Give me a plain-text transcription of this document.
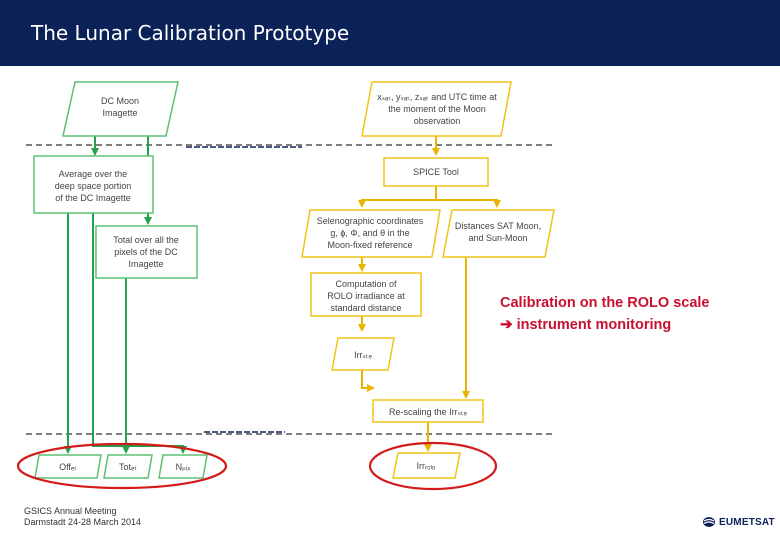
The Lunar Calibration Prototype
DC Moon Imagette
Average over the deep space portion of the DC Imagette
Total over all the pixels of the DC Imagette
Offₑₜ	Totₑₜ	Nₚᵢₓ
xₛₐₜ, yₛₐₜ, zₛₐₜ and UTC time at the moment of the Moon observation
SPICE Tool
Selenographic coordinates g, ϕ, Φ, and θ in the Moon-fixed reference
Distances SAT Moon, and Sun-Moon
Computation of ROLO irradiance at standard distance
Irrₛₜₑ
Re-scaling the Irrₛₜₑ
Irrᵣₒₗₒ
Calibration on the ROLO scale
➔ instrument monitoring
GSICS Annual Meeting
Darmstadt 24-28 March 2014	EUMETSAT
